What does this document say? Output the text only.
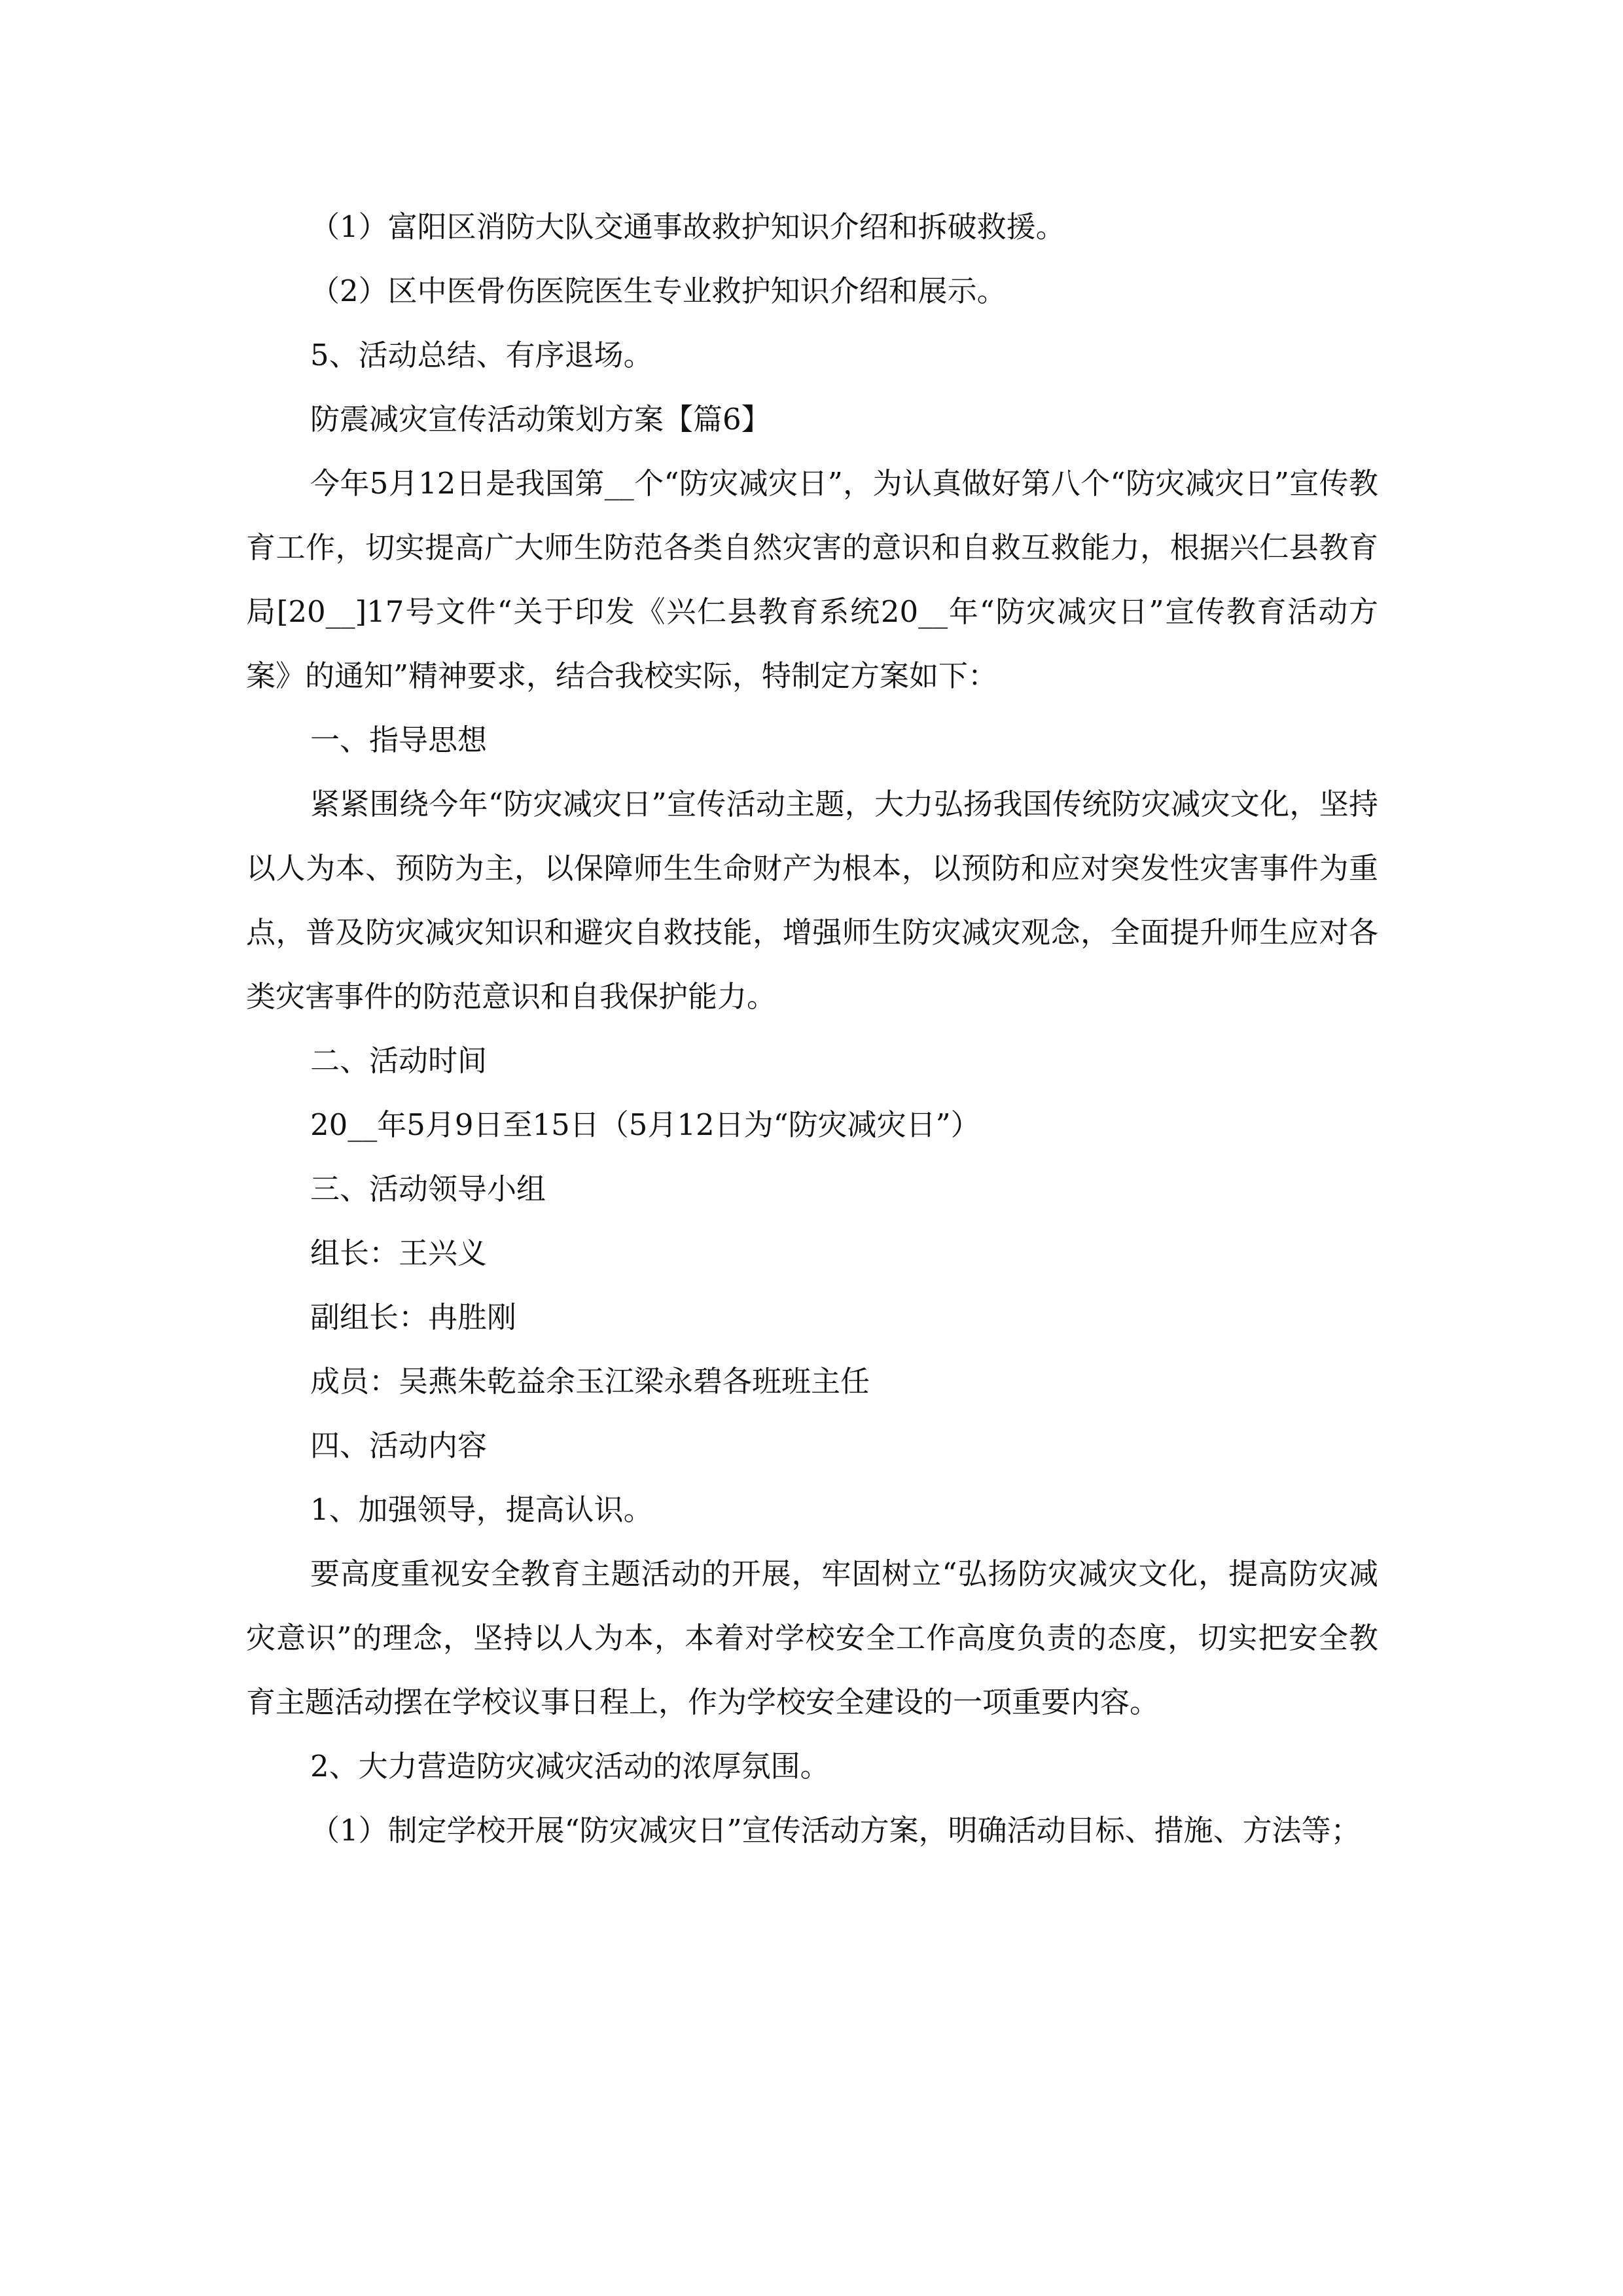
（1）富阳区消防大队交通事故救护知识介绍和拆破救援。

（2）区中医骨伤医院医生专业救护知识介绍和展示。

5、活动总结、有序退场。

防震减灾宣传活动策划方案【篇6】

今年5月12日是我国第__个“防灾减灾日”，为认真做好第八个“防灾减灾日”宣传教育工作，切实提高广大师生防范各类自然灾害的意识和自救互救能力，根据兴仁县教育局[20__]17号文件“关于印发《兴仁县教育系统20__年“防灾减灾日”宣传教育活动方案》的通知”精神要求，结合我校实际，特制定方案如下：

一、指导思想

紧紧围绕今年“防灾减灾日”宣传活动主题，大力弘扬我国传统防灾减灾文化，坚持以人为本、预防为主，以保障师生生命财产为根本，以预防和应对突发性灾害事件为重点，普及防灾减灾知识和避灾自救技能，增强师生防灾减灾观念，全面提升师生应对各类灾害事件的防范意识和自我保护能力。

二、活动时间

20__年5月9日至15日（5月12日为“防灾减灾日”）

三、活动领导小组

组长：王兴义

副组长：冉胜刚

成员：吴燕朱乾益余玉江梁永碧各班班主任

四、活动内容

1、加强领导，提高认识。

要高度重视安全教育主题活动的开展，牢固树立“弘扬防灾减灾文化，提高防灾减灾意识”的理念，坚持以人为本，本着对学校安全工作高度负责的态度，切实把安全教育主题活动摆在学校议事日程上，作为学校安全建设的一项重要内容。

2、大力营造防灾减灾活动的浓厚氛围。

（1）制定学校开展“防灾减灾日”宣传活动方案，明确活动目标、措施、方法等；
